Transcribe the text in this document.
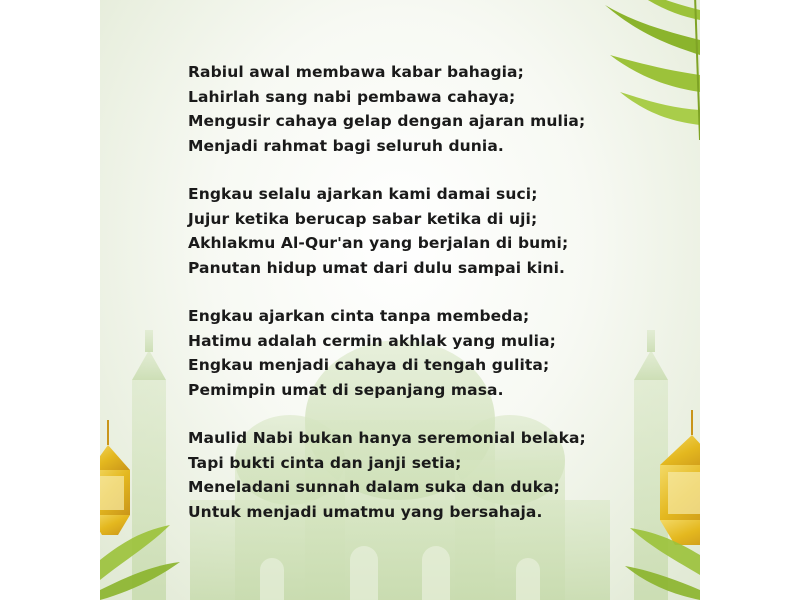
Rabiul awal membawa kabar bahagia;
Lahirlah sang nabi pembawa cahaya;
Mengusir cahaya gelap dengan ajaran mulia;
Menjadi rahmat bagi seluruh dunia.
Engkau selalu ajarkan kami damai suci;
Jujur ketika berucap sabar ketika di uji;
Akhlakmu Al-Qur'an yang berjalan di bumi;
Panutan hidup umat dari dulu sampai kini.
Engkau ajarkan cinta tanpa membeda;
Hatimu adalah cermin akhlak yang mulia;
Engkau menjadi cahaya di tengah gulita;
Pemimpin umat di sepanjang masa.
Maulid Nabi bukan hanya seremonial belaka;
Tapi bukti cinta dan janji setia;
Meneladani sunnah dalam suka dan duka;
Untuk menjadi umatmu yang bersahaja.
